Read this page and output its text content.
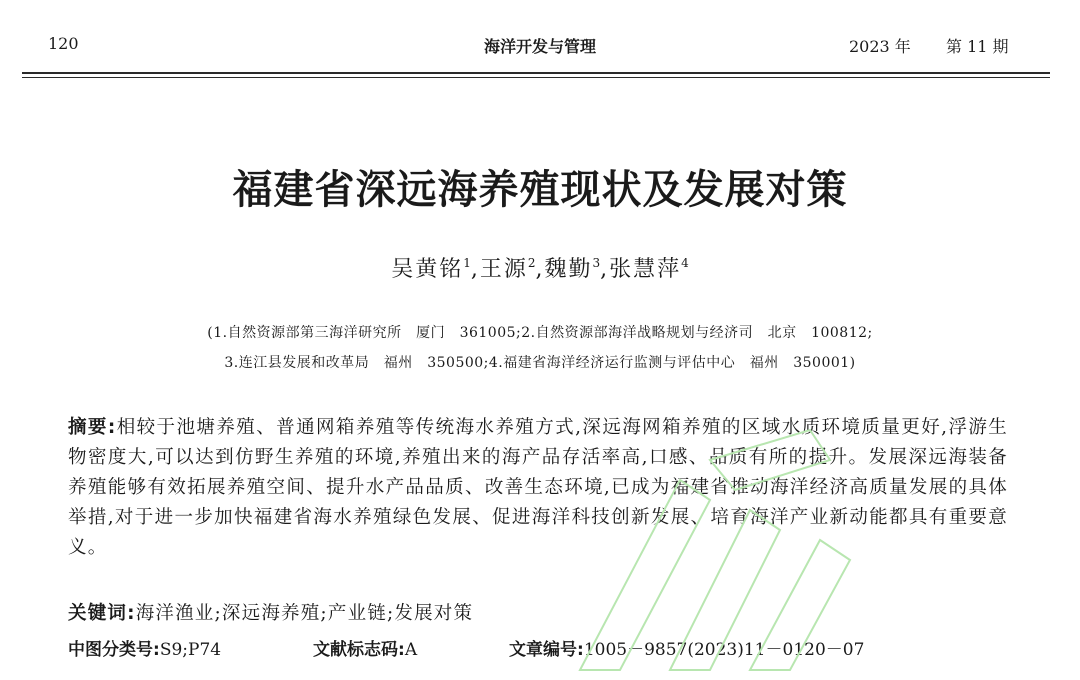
120	海洋开发与管理	2023 年 第 11 期
福建省深远海养殖现状及发展对策
吴黄铭$^1$,王源$^2$,魏勤$^3$,张慧萍$^4$
(1.自然资源部第三海洋研究所　厦门　361005;2.自然资源部海洋战略规划与经济司　北京　100812;
3.连江县发展和改革局　福州　350500;4.福建省海洋经济运行监测与评估中心　福州　350001)
摘要:相较于池塘养殖、普通网箱养殖等传统海水养殖方式,深远海网箱养殖的区域水质环境质量更好,浮游生物密度大,可以达到仿野生养殖的环境,养殖出来的海产品存活率高,口感、品质有所的提升。发展深远海装备养殖能够有效拓展养殖空间、提升水产品品质、改善生态环境,已成为福建省推动海洋经济高质量发展的具体举措,对于进一步加快福建省海水养殖绿色发展、促进海洋科技创新发展、培育海洋产业新动能都具有重要意义。
关键词:海洋渔业;深远海养殖;产业链;发展对策
中图分类号:S9;P74	文献标志码:A	文章编号:1005－9857(2023)11－0120－07
